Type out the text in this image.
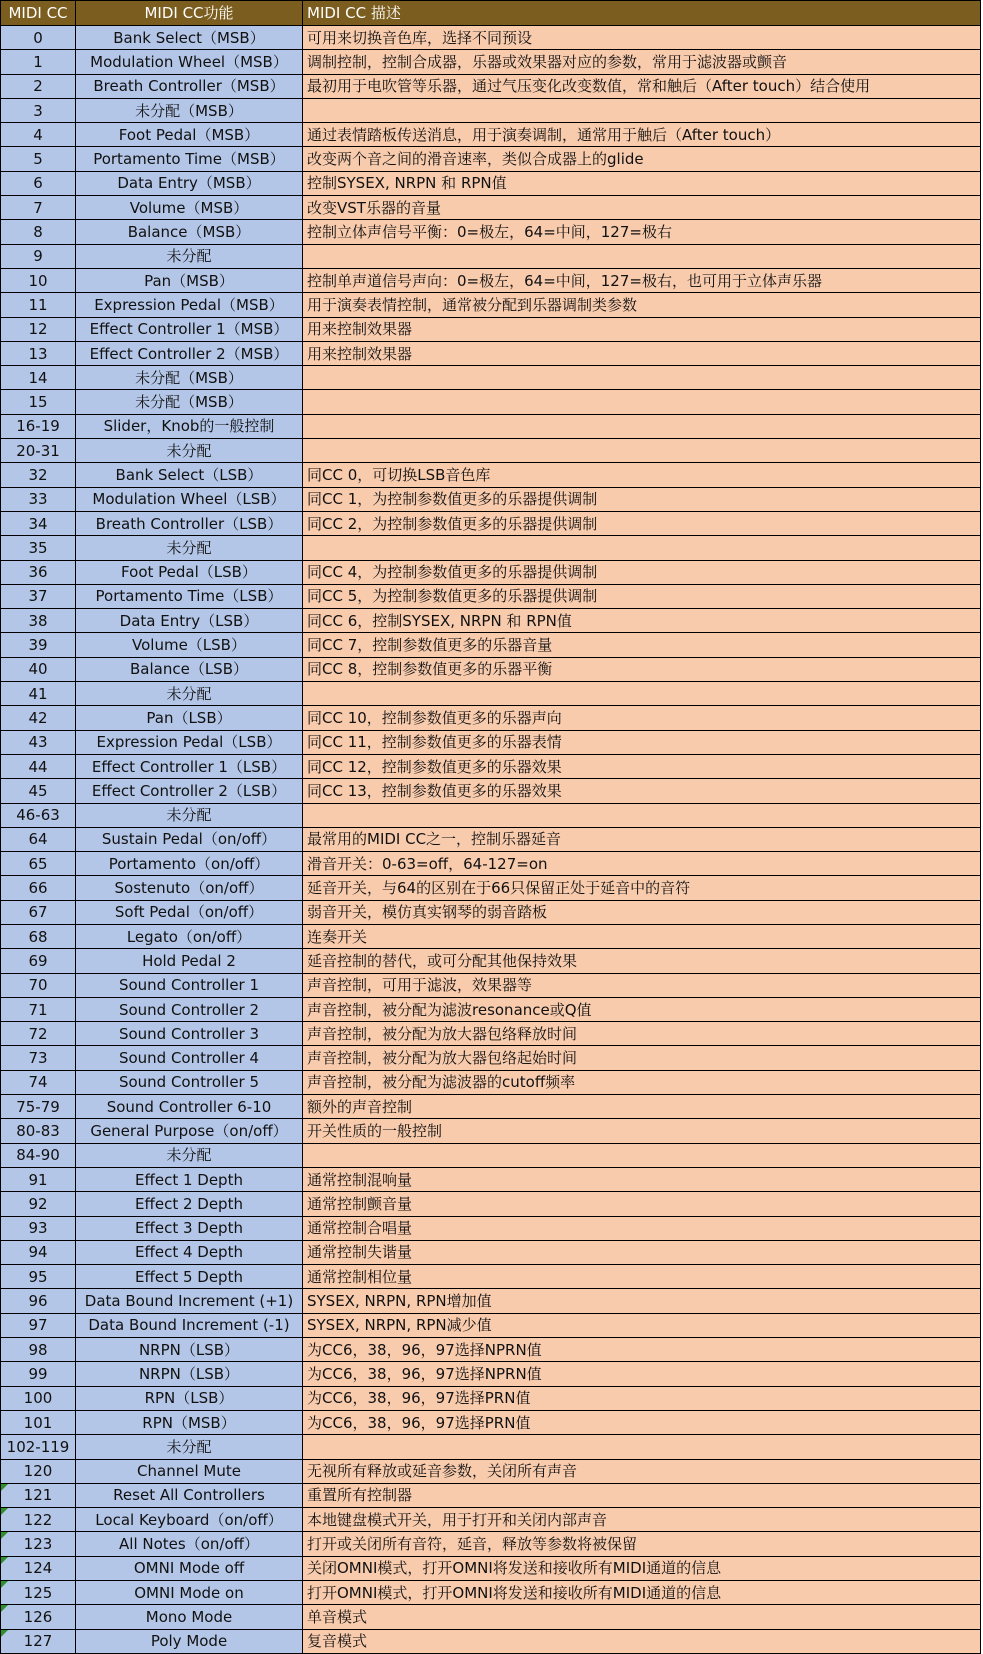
MIDI CC	MIDI CC功能	MIDI CC 描述
0	Bank Select（MSB）	可用来切换音色库，选择不同预设
1	Modulation Wheel（MSB）	调制控制，控制合成器，乐器或效果器对应的参数，常用于滤波器或颤音
2	Breath Controller（MSB）	最初用于电吹管等乐器，通过气压变化改变数值，常和触后（After touch）结合使用
3	未分配（MSB）	
4	Foot Pedal（MSB）	通过表情踏板传送消息，用于演奏调制，通常用于触后（After touch）
5	Portamento Time（MSB）	改变两个音之间的滑音速率，类似合成器上的glide
6	Data Entry（MSB）	控制SYSEX, NRPN 和 RPN值
7	Volume（MSB）	改变VST乐器的音量
8	Balance（MSB）	控制立体声信号平衡：0=极左，64=中间，127=极右
9	未分配	
10	Pan（MSB）	控制单声道信号声向：0=极左，64=中间，127=极右，也可用于立体声乐器
11	Expression Pedal（MSB）	用于演奏表情控制，通常被分配到乐器调制类参数
12	Effect Controller 1（MSB）	用来控制效果器
13	Effect Controller 2（MSB）	用来控制效果器
14	未分配（MSB）	
15	未分配（MSB）	
16-19	Slider，Knob的一般控制	
20-31	未分配	
32	Bank Select（LSB）	同CC 0，可切换LSB音色库
33	Modulation Wheel（LSB）	同CC 1，为控制参数值更多的乐器提供调制
34	Breath Controller（LSB）	同CC 2，为控制参数值更多的乐器提供调制
35	未分配	
36	Foot Pedal（LSB）	同CC 4，为控制参数值更多的乐器提供调制
37	Portamento Time（LSB）	同CC 5，为控制参数值更多的乐器提供调制
38	Data Entry（LSB）	同CC 6，控制SYSEX, NRPN 和 RPN值
39	Volume（LSB）	同CC 7，控制参数值更多的乐器音量
40	Balance（LSB）	同CC 8，控制参数值更多的乐器平衡
41	未分配	
42	Pan（LSB）	同CC 10，控制参数值更多的乐器声向
43	Expression Pedal（LSB）	同CC 11，控制参数值更多的乐器表情
44	Effect Controller 1（LSB）	同CC 12，控制参数值更多的乐器效果
45	Effect Controller 2（LSB）	同CC 13，控制参数值更多的乐器效果
46-63	未分配	
64	Sustain Pedal（on/off）	最常用的MIDI CC之一，控制乐器延音
65	Portamento（on/off）	滑音开关：0-63=off，64-127=on
66	Sostenuto（on/off）	延音开关，与64的区别在于66只保留正处于延音中的音符
67	Soft Pedal（on/off）	弱音开关，模仿真实钢琴的弱音踏板
68	Legato（on/off）	连奏开关
69	Hold Pedal 2	延音控制的替代，或可分配其他保持效果
70	Sound Controller 1	声音控制，可用于滤波，效果器等
71	Sound Controller 2	声音控制，被分配为滤波resonance或Q值
72	Sound Controller 3	声音控制，被分配为放大器包络释放时间
73	Sound Controller 4	声音控制，被分配为放大器包络起始时间
74	Sound Controller 5	声音控制，被分配为滤波器的cutoff频率
75-79	Sound Controller 6-10	额外的声音控制
80-83	General Purpose（on/off）	开关性质的一般控制
84-90	未分配	
91	Effect 1 Depth	通常控制混响量
92	Effect 2 Depth	通常控制颤音量
93	Effect 3 Depth	通常控制合唱量
94	Effect 4 Depth	通常控制失谐量
95	Effect 5 Depth	通常控制相位量
96	Data Bound Increment (+1)	SYSEX, NRPN, RPN增加值
97	Data Bound Increment (-1)	SYSEX, NRPN, RPN减少值
98	NRPN（LSB）	为CC6，38，96，97选择NPRN值
99	NRPN（LSB）	为CC6，38，96，97选择NPRN值
100	RPN（LSB）	为CC6，38，96，97选择PRN值
101	RPN（MSB）	为CC6，38，96，97选择PRN值
102-119	未分配	
120	Channel Mute	无视所有释放或延音参数，关闭所有声音

121	Reset All Controllers	重置所有控制器

122	Local Keyboard（on/off）	本地键盘模式开关，用于打开和关闭内部声音

123	All Notes（on/off）	打开或关闭所有音符，延音，释放等参数将被保留

124	OMNI Mode off	关闭OMNI模式，打开OMNI将发送和接收所有MIDI通道的信息

125	OMNI Mode on	打开OMNI模式，打开OMNI将发送和接收所有MIDI通道的信息

126	Mono Mode	单音模式

127	Poly Mode	复音模式
